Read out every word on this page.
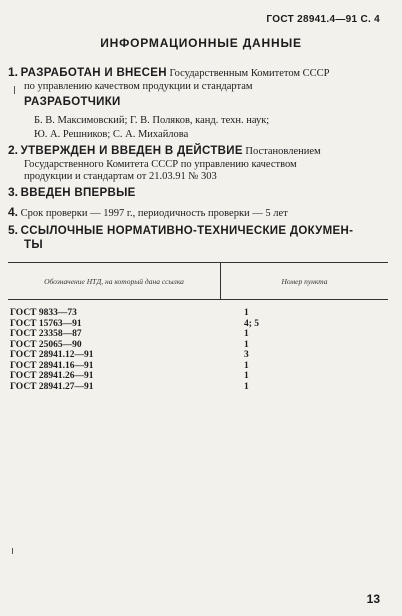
ГОСТ 28941.4—91 С. 4
ИНФОРМАЦИОННЫЕ ДАННЫЕ
1. РАЗРАБОТАН И ВНЕСЕН Государственным Комитетом СССР
по управлению качеством продукции и стандартам
РАЗРАБОТЧИКИ
Б. В. Максимовский; Г. В. Поляков, канд. техн. наук;
Ю. А. Решников; С. А. Михайлова
2. УТВЕРЖДЕН И ВВЕДЕН В ДЕЙСТВИЕ Постановлением
Государственного Комитета СССР по управлению качеством
продукции и стандартам от 21.03.91 № 303
3. ВВЕДЕН ВПЕРВЫЕ
4. Срок проверки — 1997 г., периодичность проверки — 5 лет
5. ССЫЛОЧНЫЕ НОРМАТИВНО-ТЕХНИЧЕСКИЕ ДОКУМЕН-
ТЫ
Обозначение НТД, на который дана ссылка	Номер пункта
ГОСТ 9833—73	1
ГОСТ 15763—91	4; 5
ГОСТ 23358—87	1
ГОСТ 25065—90	1
ГОСТ 28941.12—91	3
ГОСТ 28941.16—91	1
ГОСТ 28941.26—91	1
ГОСТ 28941.27—91	1
13
